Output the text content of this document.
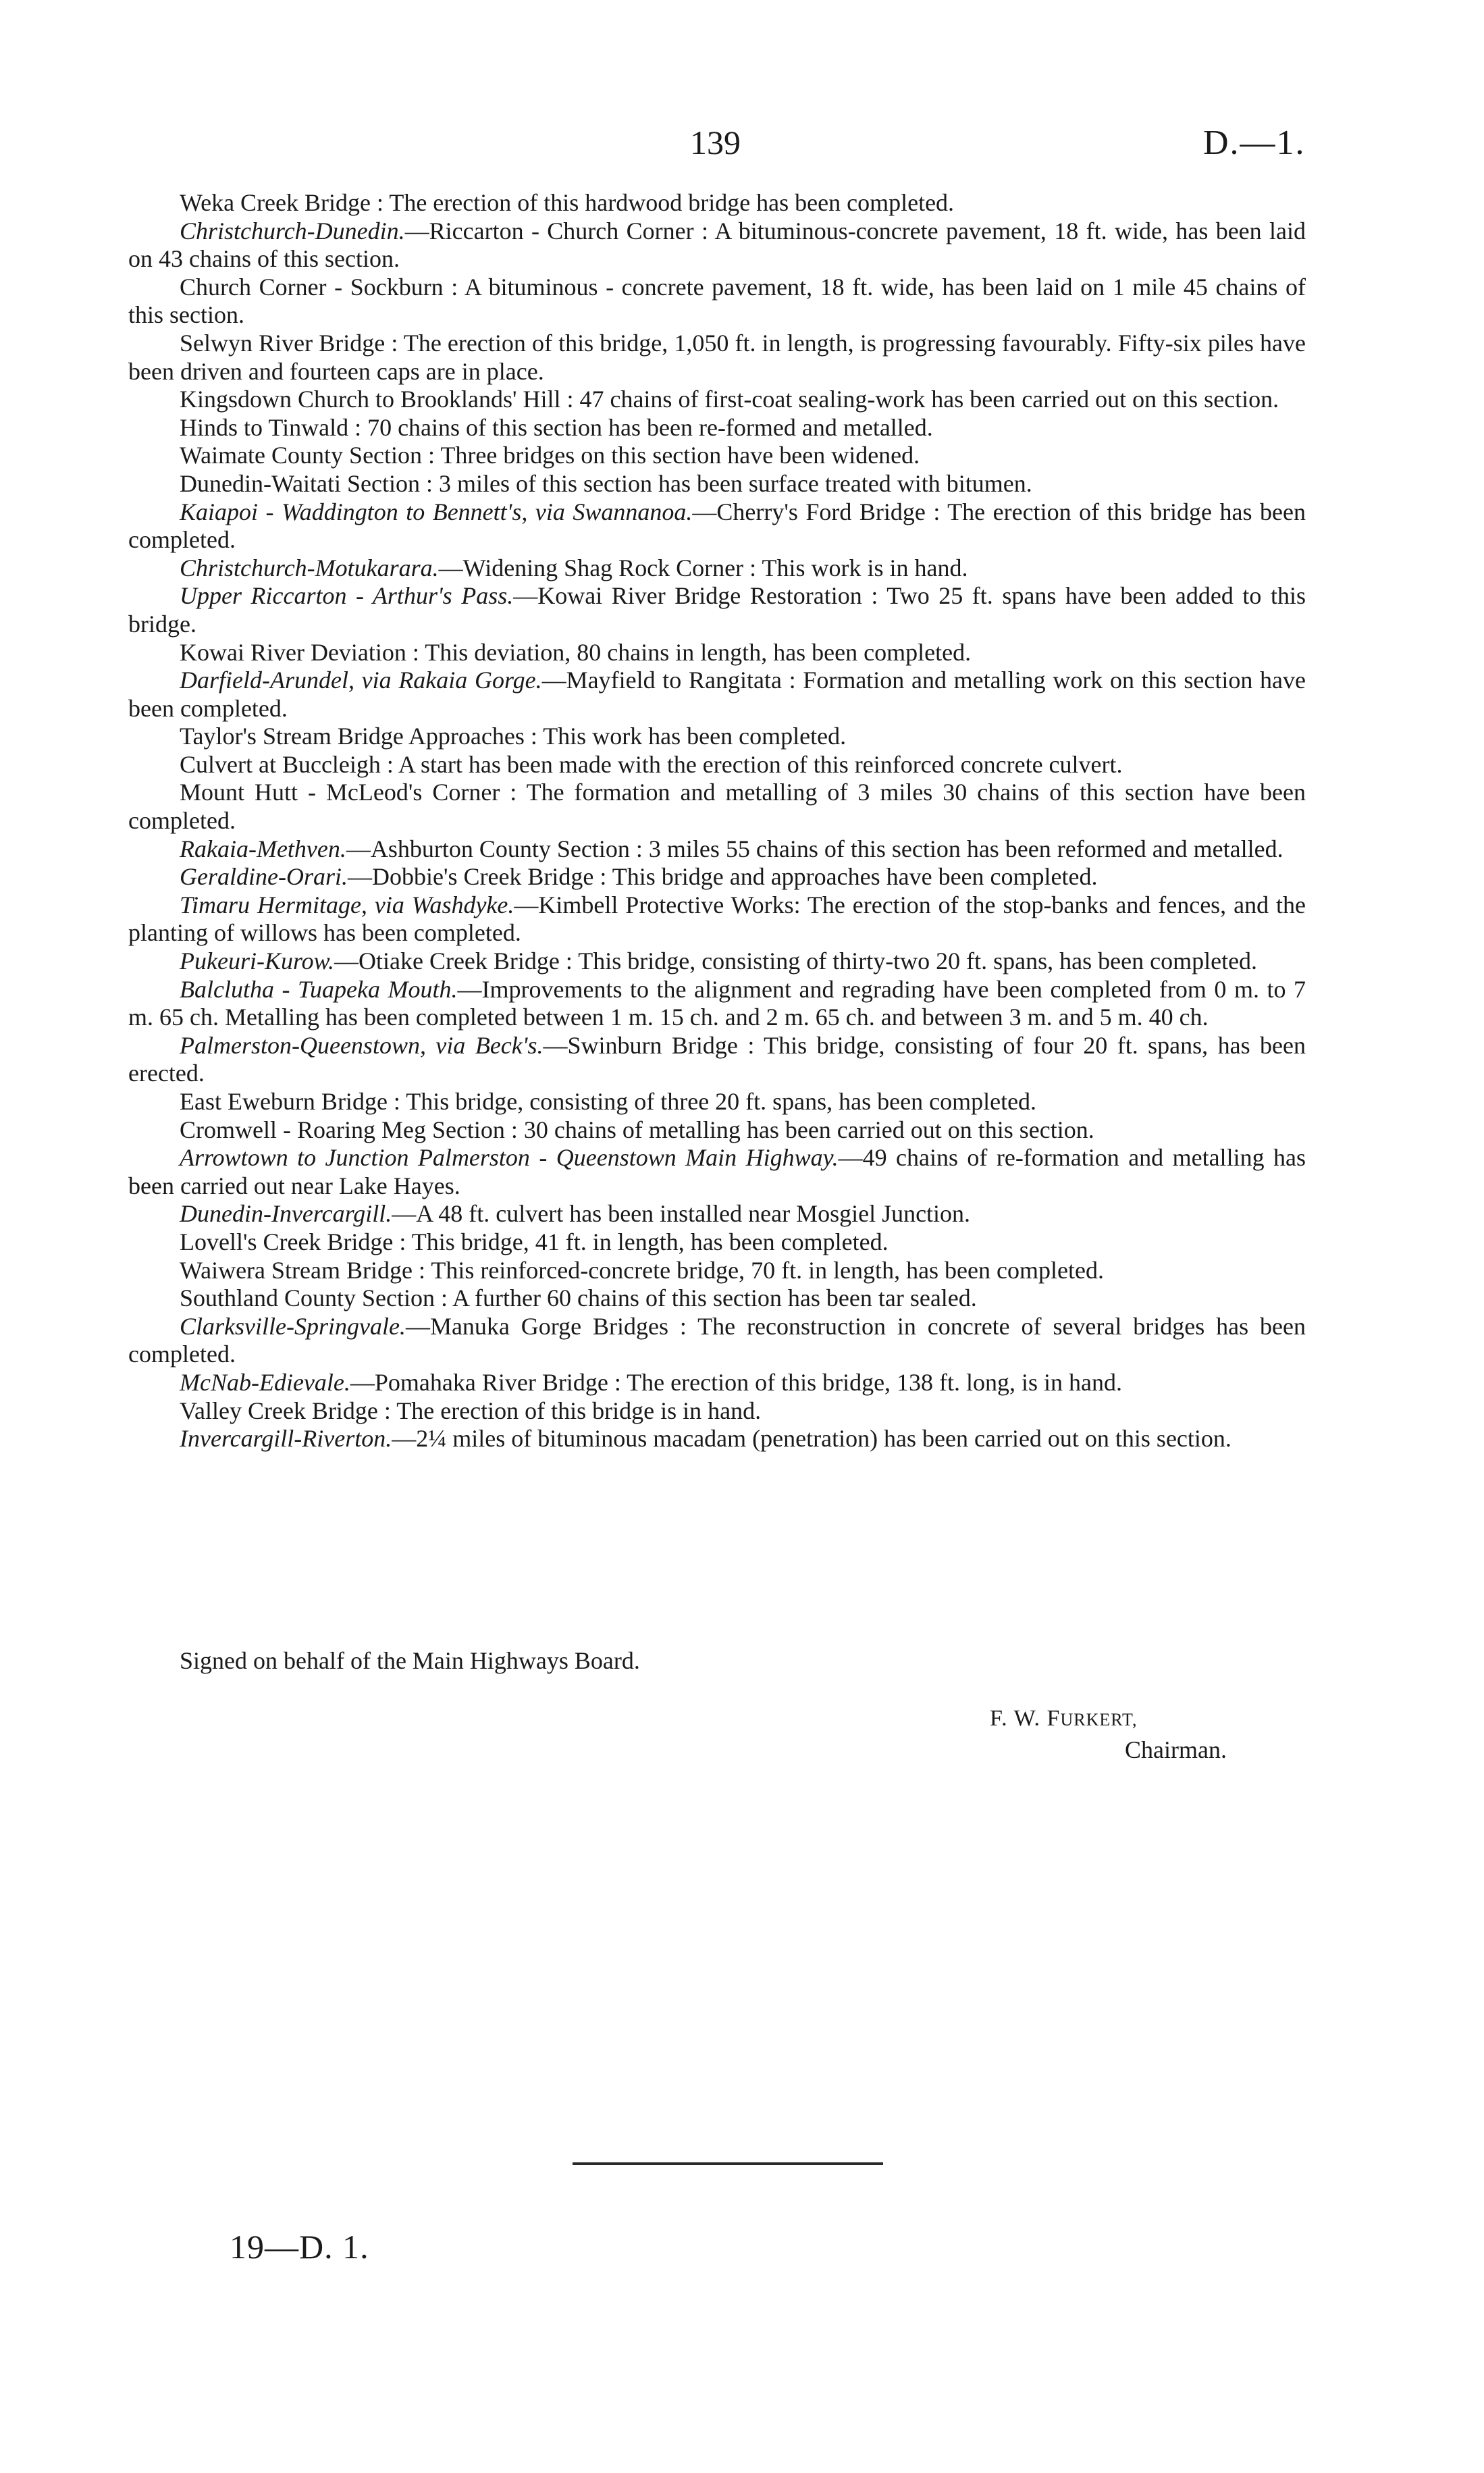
139	D.—1.

Weka Creek Bridge : The erection of this hardwood bridge has been completed.

Christchurch-Dunedin.—Riccarton - Church Corner : A bituminous-concrete pavement, 18 ft. wide, has been laid on 43 chains of this section.

Church Corner - Sockburn : A bituminous - concrete pavement, 18 ft. wide, has been laid on 1 mile 45 chains of this section.

Selwyn River Bridge : The erection of this bridge, 1,050 ft. in length, is progressing favourably. Fifty-six piles have been driven and fourteen caps are in place.

Kingsdown Church to Brooklands' Hill : 47 chains of first-coat sealing-work has been carried out on this section.

Hinds to Tinwald : 70 chains of this section has been re-formed and metalled.

Waimate County Section : Three bridges on this section have been widened.

Dunedin-Waitati Section : 3 miles of this section has been surface treated with bitumen.

Kaiapoi - Waddington to Bennett's, via Swannanoa.—Cherry's Ford Bridge : The erection of this bridge has been completed.

Christchurch-Motukarara.—Widening Shag Rock Corner : This work is in hand.

Upper Riccarton - Arthur's Pass.—Kowai River Bridge Restoration : Two 25 ft. spans have been added to this bridge.

Kowai River Deviation : This deviation, 80 chains in length, has been completed.

Darfield-Arundel, via Rakaia Gorge.—Mayfield to Rangitata : Formation and metalling work on this section have been completed.

Taylor's Stream Bridge Approaches : This work has been completed.

Culvert at Buccleigh : A start has been made with the erection of this reinforced concrete culvert.

Mount Hutt - McLeod's Corner : The formation and metalling of 3 miles 30 chains of this section have been completed.

Rakaia-Methven.—Ashburton County Section : 3 miles 55 chains of this section has been reformed and metalled.

Geraldine-Orari.—Dobbie's Creek Bridge : This bridge and approaches have been completed.

Timaru Hermitage, via Washdyke.—Kimbell Protective Works: The erection of the stop-banks and fences, and the planting of willows has been completed.

Pukeuri-Kurow.—Otiake Creek Bridge : This bridge, consisting of thirty-two 20 ft. spans, has been completed.

Balclutha - Tuapeka Mouth.—Improvements to the alignment and regrading have been completed from 0 m. to 7 m. 65 ch. Metalling has been completed between 1 m. 15 ch. and 2 m. 65 ch. and between 3 m. and 5 m. 40 ch.

Palmerston-Queenstown, via Beck's.—Swinburn Bridge : This bridge, consisting of four 20 ft. spans, has been erected.

East Eweburn Bridge : This bridge, consisting of three 20 ft. spans, has been completed.

Cromwell - Roaring Meg Section : 30 chains of metalling has been carried out on this section.

Arrowtown to Junction Palmerston - Queenstown Main Highway.—49 chains of re-formation and metalling has been carried out near Lake Hayes.

Dunedin-Invercargill.—A 48 ft. culvert has been installed near Mosgiel Junction.

Lovell's Creek Bridge : This bridge, 41 ft. in length, has been completed.

Waiwera Stream Bridge : This reinforced-concrete bridge, 70 ft. in length, has been completed.

Southland County Section : A further 60 chains of this section has been tar sealed.

Clarksville-Springvale.—Manuka Gorge Bridges : The reconstruction in concrete of several bridges has been completed.

McNab-Edievale.—Pomahaka River Bridge : The erection of this bridge, 138 ft. long, is in hand.

Valley Creek Bridge : The erection of this bridge is in hand.

Invercargill-Riverton.—2¼ miles of bituminous macadam (penetration) has been carried out on this section.

Signed on behalf of the Main Highways Board.

F. W. FURKERT,
Chairman.
19—D. 1.
